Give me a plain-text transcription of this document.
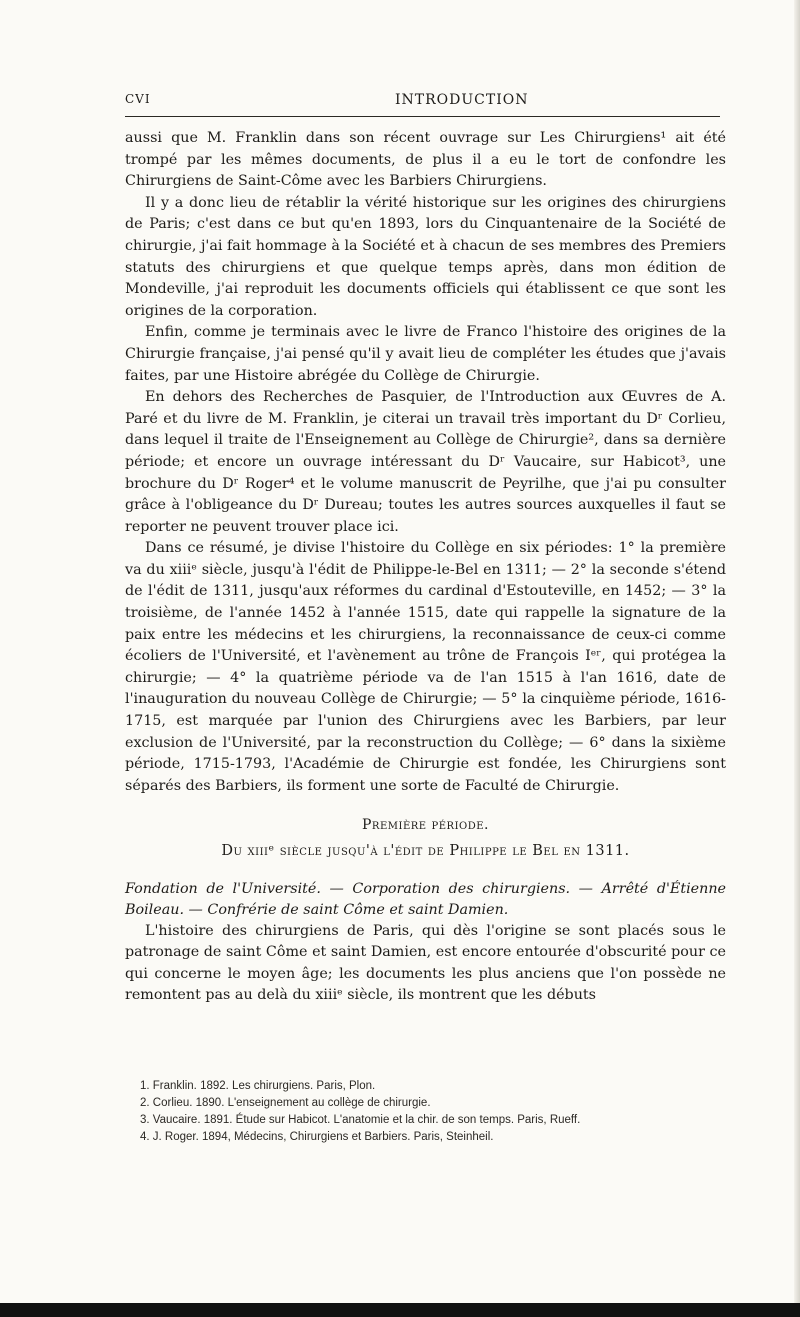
CVI	INTRODUCTION

aussi que M. Franklin dans son récent ouvrage sur Les Chirurgiens¹ ait été trompé par les mêmes documents, de plus il a eu le tort de confondre les Chirurgiens de Saint-Côme avec les Barbiers Chirurgiens.

Il y a donc lieu de rétablir la vérité historique sur les origines des chirurgiens de Paris; c'est dans ce but qu'en 1893, lors du Cinquantenaire de la Société de chirurgie, j'ai fait hommage à la Société et à chacun de ses membres des Premiers statuts des chirurgiens et que quelque temps après, dans mon édition de Mondeville, j'ai reproduit les documents officiels qui établissent ce que sont les origines de la corporation.

Enfin, comme je terminais avec le livre de Franco l'histoire des origines de la Chirurgie française, j'ai pensé qu'il y avait lieu de compléter les études que j'avais faites, par une Histoire abrégée du Collège de Chirurgie.

En dehors des Recherches de Pasquier, de l'Introduction aux Œuvres de A. Paré et du livre de M. Franklin, je citerai un travail très important du Dʳ Corlieu, dans lequel il traite de l'Enseignement au Collège de Chirurgie², dans sa dernière période; et encore un ouvrage intéressant du Dʳ Vaucaire, sur Habicot³, une brochure du Dʳ Roger⁴ et le volume manuscrit de Peyrilhe, que j'ai pu consulter grâce à l'obligeance du Dʳ Dureau; toutes les autres sources auxquelles il faut se reporter ne peuvent trouver place ici.

Dans ce résumé, je divise l'histoire du Collège en six périodes: 1° la première va du xiiiᵉ siècle, jusqu'à l'édit de Philippe-le-Bel en 1311; — 2° la seconde s'étend de l'édit de 1311, jusqu'aux réformes du cardinal d'Estouteville, en 1452; — 3° la troisième, de l'année 1452 à l'année 1515, date qui rappelle la signature de la paix entre les médecins et les chirurgiens, la reconnaissance de ceux-ci comme écoliers de l'Université, et l'avènement au trône de François Iᵉʳ, qui protégea la chirurgie; — 4° la quatrième période va de l'an 1515 à l'an 1616, date de l'inauguration du nouveau Collège de Chirurgie; — 5° la cinquième période, 1616-1715, est marquée par l'union des Chirurgiens avec les Barbiers, par leur exclusion de l'Université, par la reconstruction du Collège; — 6° dans la sixième période, 1715-1793, l'Académie de Chirurgie est fondée, les Chirurgiens sont séparés des Barbiers, ils forment une sorte de Faculté de Chirurgie.

Première période.
Du xiiiᵉ siècle jusqu'à l'édit de Philippe le Bel en 1311.

Fondation de l'Université. — Corporation des chirurgiens. — Arrêté d'Étienne Boileau. — Confrérie de saint Côme et saint Damien.

L'histoire des chirurgiens de Paris, qui dès l'origine se sont placés sous le patronage de saint Côme et saint Damien, est encore entourée d'obscurité pour ce qui concerne le moyen âge; les documents les plus anciens que l'on possède ne remontent pas au delà du xiiiᵉ siècle, ils montrent que les débuts

1. Franklin. 1892. Les chirurgiens. Paris, Plon.

2. Corlieu. 1890. L'enseignement au collège de chirurgie.

3. Vaucaire. 1891. Étude sur Habicot. L'anatomie et la chir. de son temps. Paris, Rueff.

4. J. Roger. 1894, Médecins, Chirurgiens et Barbiers. Paris, Steinheil.
